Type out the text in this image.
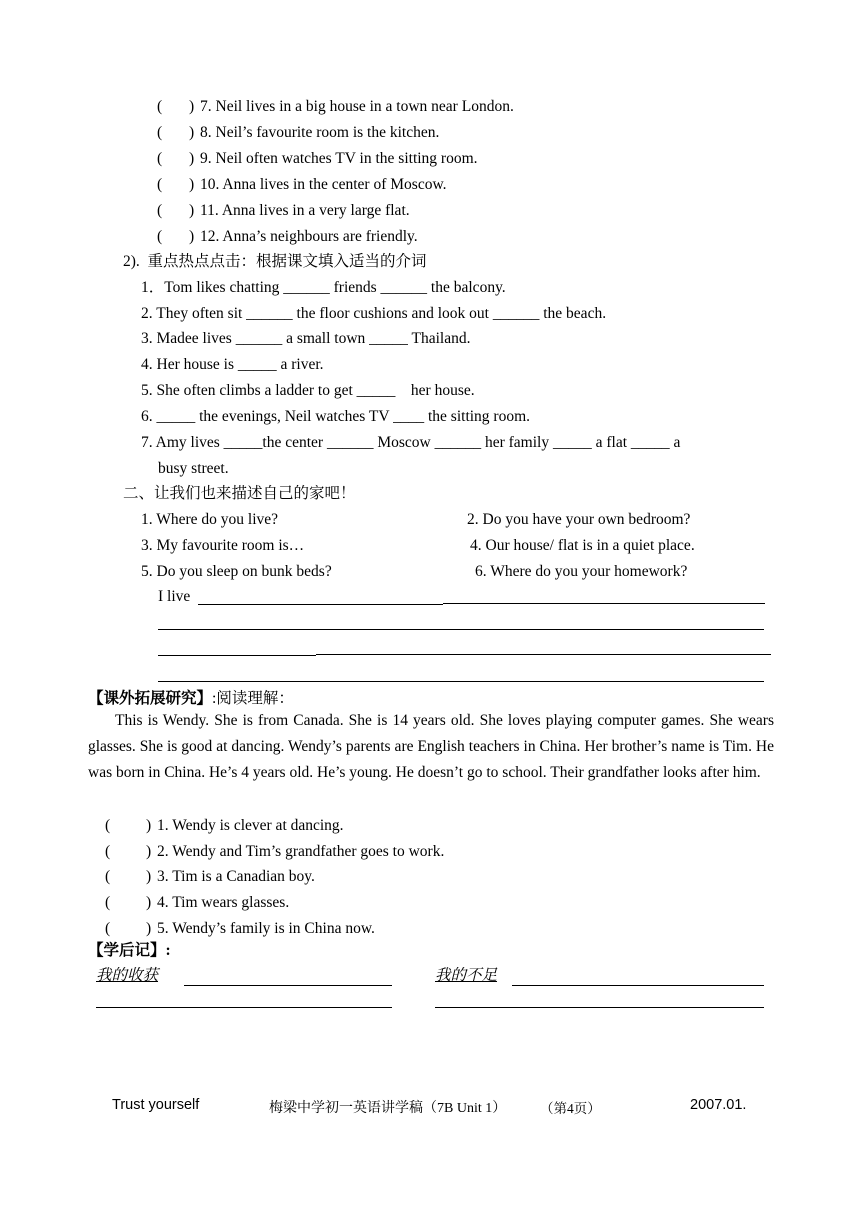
( ) 7. Neil lives in a big house in a town near London.
( ) 8. Neil’s favourite room is the kitchen.
( ) 9. Neil often watches TV in the sitting room.
( ) 10. Anna lives in the center of Moscow.
( ) 11. Anna lives in a very large flat.
( ) 12. Anna’s neighbours are friendly.
2).  重点热点点击：根据课文填入适当的介词
1．Tom likes chatting ______ friends ______ the balcony.
2. They often sit ______ the floor cushions and look out ______ the beach.
3. Madee lives ______ a small town _____ Thailand.
4. Her house is _____ a river.
5. She often climbs a ladder to get _____    her house.
6. _____ the evenings, Neil watches TV ____ the sitting room.
7. Amy lives _____the center ______ Moscow ______ her family _____ a flat _____ a
busy street.
二、让我们也来描述自己的家吧！
1. Where do you live?	2. Do you have your own bedroom?
3. My favourite room is…	4. Our house/ flat is in a quiet place.
5. Do you sleep on bunk beds?	6. Where do you your homework?
I live
【课外拓展研究】:阅读理解：
This is Wendy. She is from Canada. She is 14 years old. She loves playing computer games. She wears glasses. She is good at dancing. Wendy’s parents are English teachers in China. Her brother’s name is Tim. He was born in China. He’s 4 years old. He’s young. He doesn’t go to school. Their grandfather looks after him.
( ) 1. Wendy is clever at dancing.
( ) 2. Wendy and Tim’s grandfather goes to work.
( ) 3. Tim is a Canadian boy.
( ) 4. Tim wears glasses.
( ) 5. Wendy’s family is in China now.
【学后记】:
我的收获	我的不足
Trust yourself	梅梁中学初一英语讲学稿（7B Unit 1）	（第4页）	2007.01.
